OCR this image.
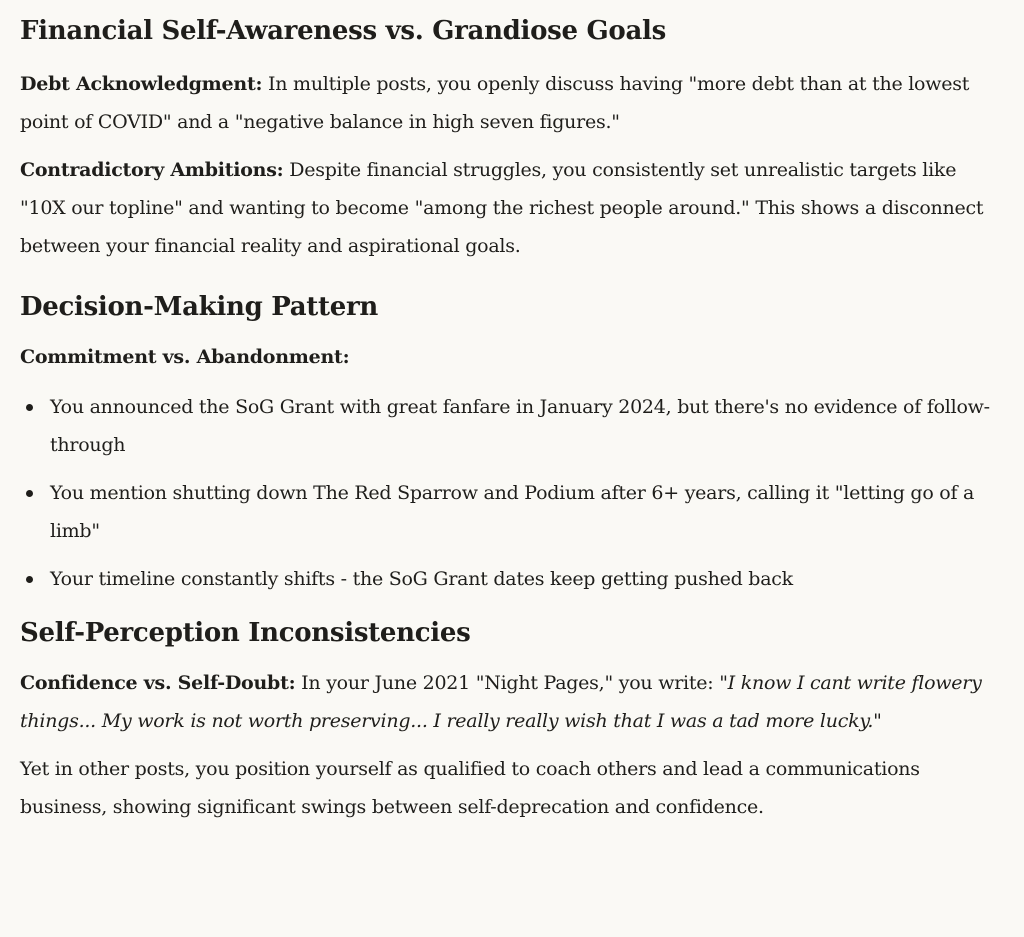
Financial Self-Awareness vs. Grandiose Goals

Debt Acknowledgment: In multiple posts, you openly discuss having "more debt than at the lowest point of COVID" and a "negative balance in high seven figures."

Contradictory Ambitions: Despite financial struggles, you consistently set unrealistic targets like "10X our topline" and wanting to become "among the richest people around." This shows a disconnect between your financial reality and aspirational goals.

Decision-Making Pattern

Commitment vs. Abandonment:

You announced the SoG Grant with great fanfare in January 2024, but there's no evidence of follow-through
You mention shutting down The Red Sparrow and Podium after 6+ years, calling it "letting go of a limb"
Your timeline constantly shifts - the SoG Grant dates keep getting pushed back
Self-Perception Inconsistencies

Confidence vs. Self-Doubt: In your June 2021 "Night Pages," you write: "I know I cant write flowery things... My work is not worth preserving... I really really wish that I was a tad more lucky."

Yet in other posts, you position yourself as qualified to coach others and lead a communications business, showing significant swings between self-deprecation and confidence.
